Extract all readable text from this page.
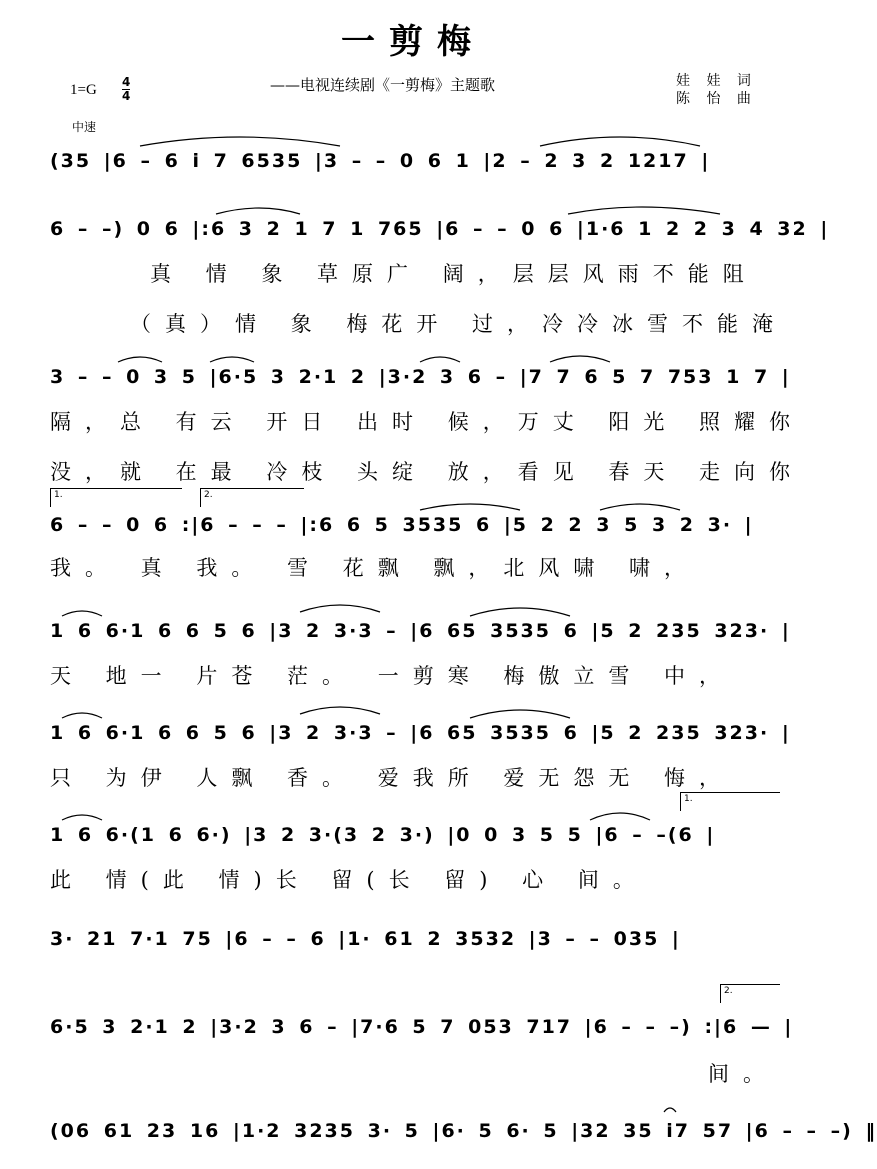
一剪梅
——电视连续剧《一剪梅》主题歌	娃 娃 词
陈 怡 曲
1=G 4
4
中速
(35 |6 – 6 i 7 6535 |3 – – 0 6 1 |2 – 2 3 2 1217 |
6 – –) 0 6 |:6 3 2 1 7 1 765 |6 – – 0 6 |1·6 1 2 2 3 4 32 |
真 情 象 草原广 阔，层层风雨不能阻
（真）情 象 梅花开 过，冷冷冰雪不能淹
3 – – 0 3 5 |6·5 3 2·1 2 |3·2 3 6 – |7 7 6 5 7 753 1 7 |
隔，总 有云 开日 出时 候，万丈 阳光 照耀你
没，就 在最 冷枝 头绽 放，看见 春天 走向你
1.	2.
6 – – 0 6 :|6 – – – |:6 6 5 3535 6 |5 2 2 3 5 3 2 3· |
我。 真 我。 雪 花飘 飘，北风啸 啸，
1 6 6·1 6 6 5 6 |3 2 3·3 – |6 65 3535 6 |5 2 235 323· |
天 地一 片苍 茫。 一剪寒 梅傲立雪 中，
1 6 6·1 6 6 5 6 |3 2 3·3 – |6 65 3535 6 |5 2 235 323· |
只 为伊 人飘 香。 爱我所 爱无怨无 悔，
1.
1 6 6·(1 6 6·) |3 2 3·(3 2 3·) |0 0 3 5 5 |6 – –(6 |
此 情(此 情)长 留(长 留) 心 间。
3· 21 7·1 75 |6 – – 6 |1· 61 2 3532 |3 – – 035 |
2.
6·5 3 2·1 2 |3·2 3 6 – |7·6 5 7 053 717 |6 – – –) :|6 — |
间。
(06 61 23 16 |1·2 3235 3· 5 |6· 5 6· 5 |32 35 i7 57 |6 – – –) ‖
